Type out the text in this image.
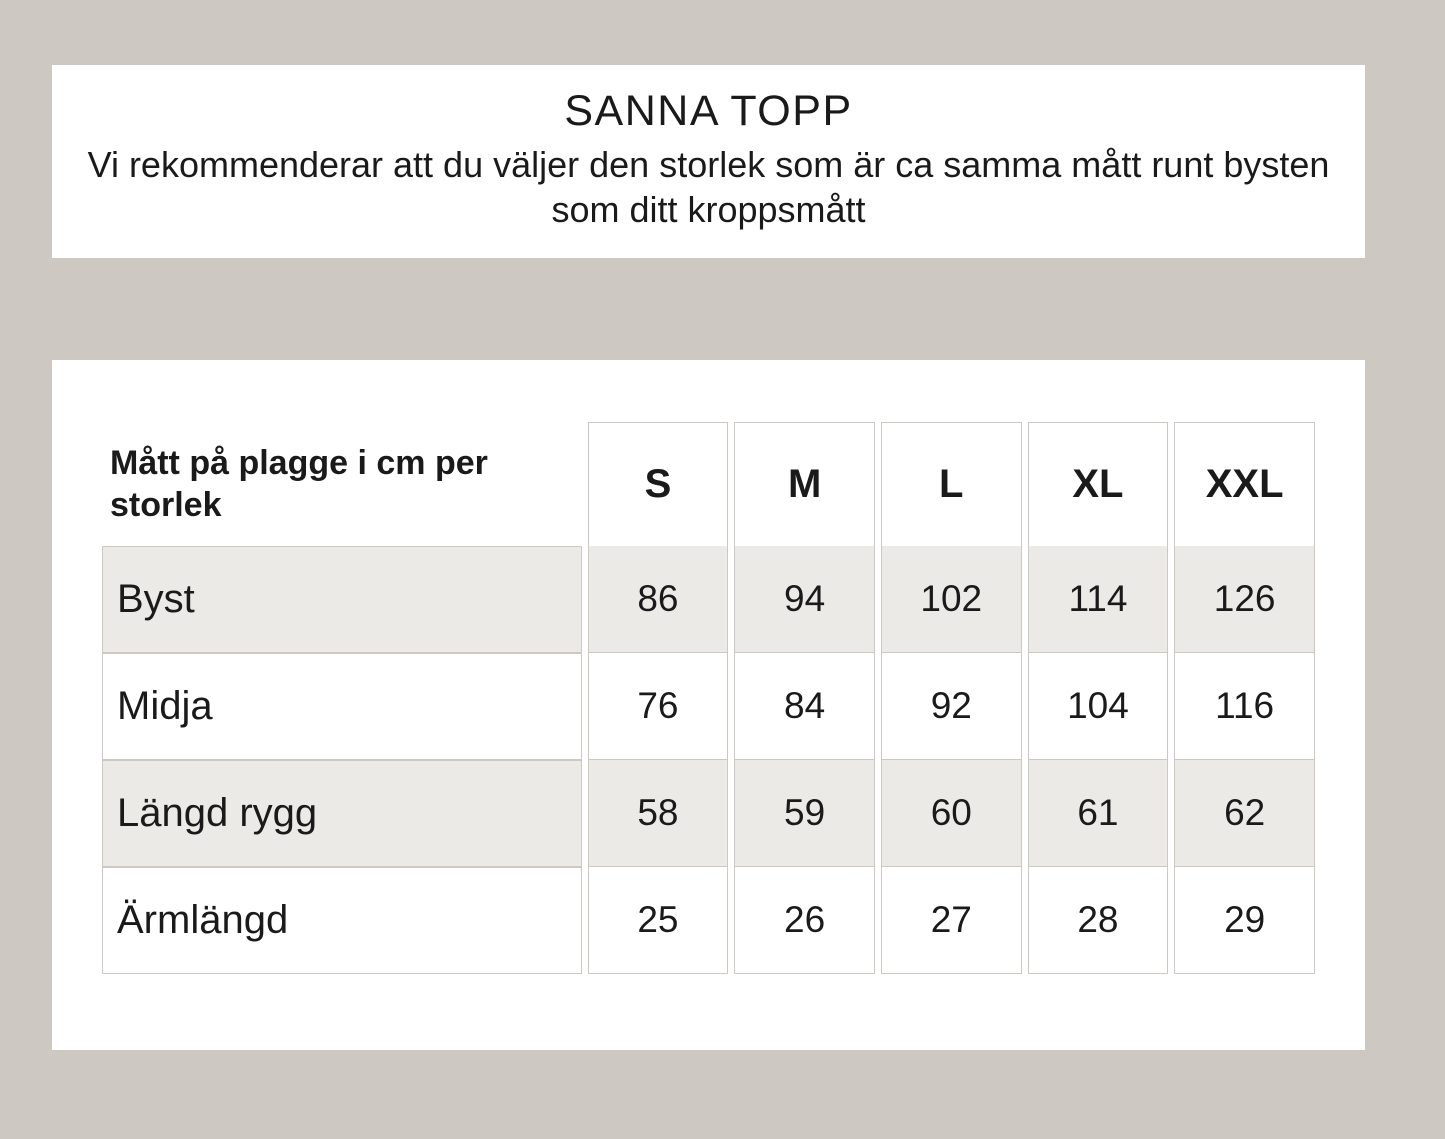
SANNA TOPP

Vi rekommenderar att du väljer den storlek som är ca samma mått runt bysten som ditt kroppsmått

Mått på plagge i cm per storlek	S	M	L	XL	XXL
Byst	86	94	102	114	126
Midja	76	84	92	104	116
Längd rygg	58	59	60	61	62
Ärmlängd	25	26	27	28	29
